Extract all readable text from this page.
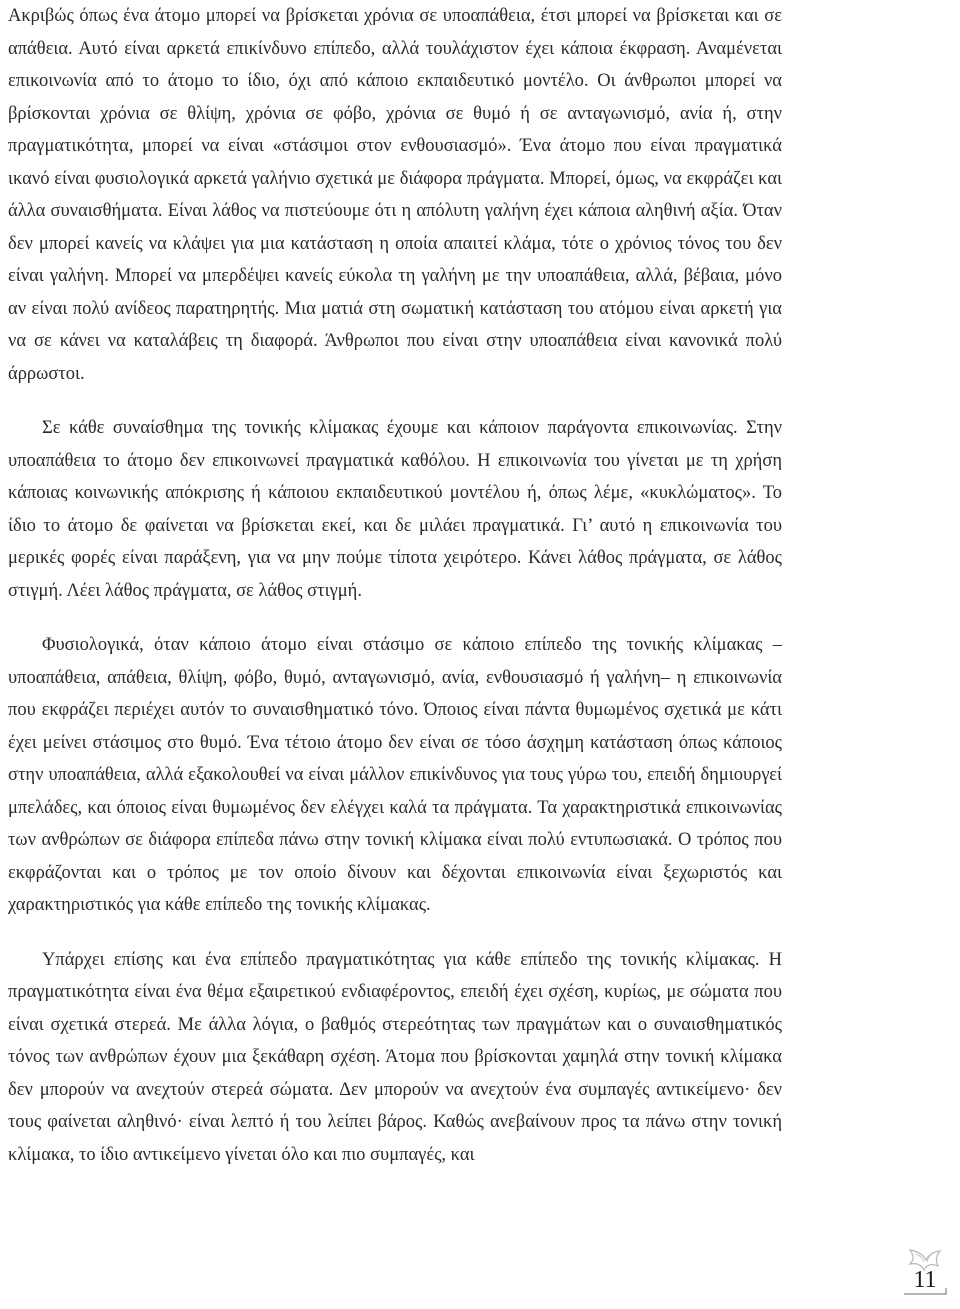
Ακριβώς όπως ένα άτομο μπορεί να βρίσκεται χρόνια σε υποαπάθεια, έτσι μπορεί να βρίσκεται και σε απάθεια. Αυτό είναι αρκετά επικίνδυνο επίπεδο, αλλά τουλάχιστον έχει κάποια έκφραση. Αναμένεται επικοινωνία από το άτομο το ίδιο, όχι από κάποιο εκπαιδευτικό μοντέλο. Οι άνθρωποι μπορεί να βρίσκονται χρόνια σε θλίψη, χρόνια σε φόβο, χρόνια σε θυμό ή σε ανταγωνισμό, ανία ή, στην πραγματικότητα, μπορεί να είναι «στάσιμοι στον ενθουσιασμό». Ένα άτομο που είναι πραγματικά ικανό είναι φυσιολογικά αρκετά γαλήνιο σχετικά με διάφορα πράγματα. Μπορεί, όμως, να εκφράζει και άλλα συναισθήματα. Είναι λάθος να πιστεύουμε ότι η απόλυτη γαλήνη έχει κάποια αληθινή αξία. Όταν δεν μπορεί κανείς να κλάψει για μια κατάσταση η οποία απαιτεί κλάμα, τότε ο χρόνιος τόνος του δεν είναι γαλήνη. Μπορεί να μπερδέψει κανείς εύκολα τη γαλήνη με την υποαπάθεια, αλλά, βέβαια, μόνο αν είναι πολύ ανίδεος παρατηρητής. Μια ματιά στη σωματική κατάσταση του ατόμου είναι αρκετή για να σε κάνει να καταλάβεις τη διαφορά. Άνθρωποι που είναι στην υποαπάθεια είναι κανονικά πολύ άρρωστοι.

Σε κάθε συναίσθημα της τονικής κλίμακας έχουμε και κάποιον παράγοντα επικοινωνίας. Στην υποαπάθεια το άτομο δεν επικοινωνεί πραγματικά καθόλου. Η επικοινωνία του γίνεται με τη χρήση κάποιας κοινωνικής απόκρισης ή κάποιου εκπαιδευτικού μοντέλου ή, όπως λέμε, «κυκλώματος». Το ίδιο το άτομο δε φαίνεται να βρίσκεται εκεί, και δε μιλάει πραγματικά. Γι’ αυτό η επικοινωνία του μερικές φορές είναι παράξενη, για να μην πούμε τίποτα χειρότερο. Κάνει λάθος πράγματα, σε λάθος στιγμή. Λέει λάθος πράγματα, σε λάθος στιγμή.

Φυσιολογικά, όταν κάποιο άτομο είναι στάσιμο σε κάποιο επίπεδο της τονικής κλίμακας –υποαπάθεια, απάθεια, θλίψη, φόβο, θυμό, ανταγωνισμό, ανία, ενθουσιασμό ή γαλήνη– η επικοινωνία που εκφράζει περιέχει αυτόν το συναισθηματικό τόνο. Όποιος είναι πάντα θυμωμένος σχετικά με κάτι έχει μείνει στάσιμος στο θυμό. Ένα τέτοιο άτομο δεν είναι σε τόσο άσχημη κατάσταση όπως κάποιος στην υποαπάθεια, αλλά εξακολουθεί να είναι μάλλον επικίνδυνος για τους γύρω του, επειδή δημιουργεί μπελάδες, και όποιος είναι θυμωμένος δεν ελέγχει καλά τα πράγματα. Τα χαρακτηριστικά επικοινωνίας των ανθρώπων σε διάφορα επίπεδα πάνω στην τονική κλίμακα είναι πολύ εντυπωσιακά. Ο τρόπος που εκφράζονται και ο τρόπος με τον οποίο δίνουν και δέχονται επικοινωνία είναι ξεχωριστός και χαρακτηριστικός για κάθε επίπεδο της τονικής κλίμακας.

Υπάρχει επίσης και ένα επίπεδο πραγματικότητας για κάθε επίπεδο της τονικής κλίμακας. Η πραγματικότητα είναι ένα θέμα εξαιρετικού ενδιαφέροντος, επειδή έχει σχέση, κυρίως, με σώματα που είναι σχετικά στερεά. Με άλλα λόγια, ο βαθμός στερεότητας των πραγμάτων και ο συναισθηματικός τόνος των ανθρώπων έχουν μια ξεκάθαρη σχέση. Άτομα που βρίσκονται χαμηλά στην τονική κλίμακα δεν μπορούν να ανεχτούν στερεά σώματα. Δεν μπορούν να ανεχτούν ένα συμπαγές αντικείμενο· δεν τους φαίνεται αληθινό· είναι λεπτό ή του λείπει βάρος. Καθώς ανεβαίνουν προς τα πάνω στην τονική κλίμακα, το ίδιο αντικείμενο γίνεται όλο και πιο συμπαγές, και

11
